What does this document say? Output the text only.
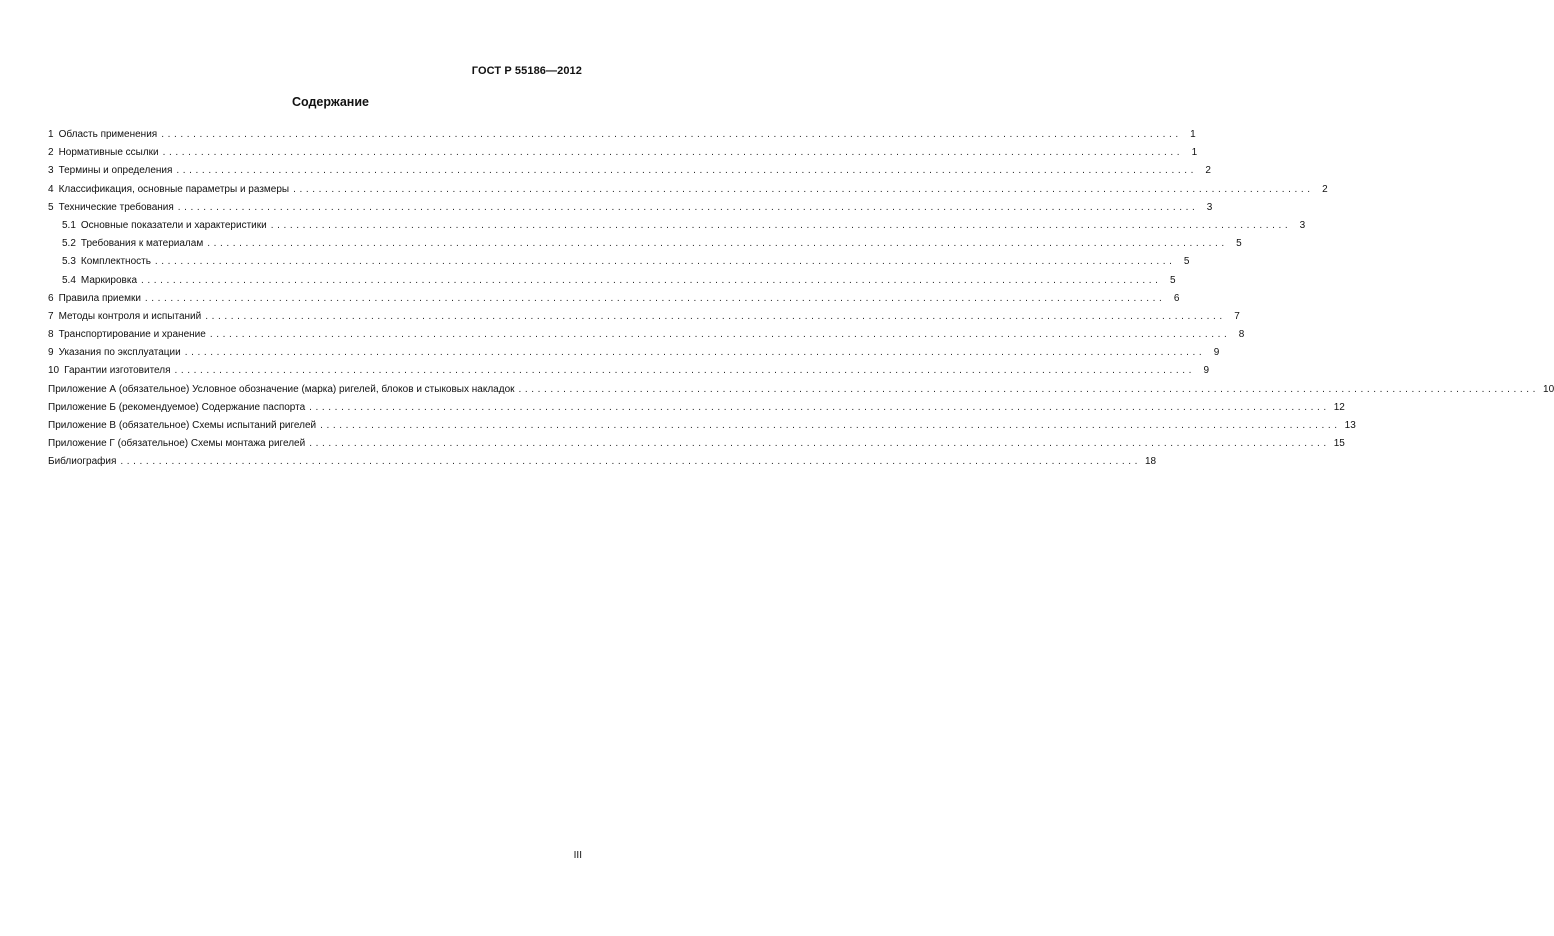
ГОСТ Р 55186—2012
Содержание
1 Область применения ................................................................................................................................................................ 1
2 Нормативные ссылки ................................................................................................................................................................ 1
3 Термины и определения ................................................................................................................................................................ 2
4 Классификация, основные параметры и размеры ................................................................................................................................................................ 2
5 Технические требования ................................................................................................................................................................ 3
5.1 Основные показатели и характеристики ................................................................................................................................................................ 3
5.2 Требования к материалам ................................................................................................................................................................ 5
5.3 Комплектность ................................................................................................................................................................ 5
5.4 Маркировка ................................................................................................................................................................ 5
6 Правила приемки ................................................................................................................................................................ 6
7 Методы контроля и испытаний ................................................................................................................................................................ 7
8 Транспортирование и хранение ................................................................................................................................................................ 8
9 Указания по эксплуатации ................................................................................................................................................................ 9
10 Гарантии изготовителя ................................................................................................................................................................ 9
Приложение А (обязательное) Условное обозначение (марка) ригелей, блоков и стыковых накладок ................................................................................................................................................................ 10
Приложение Б (рекомендуемое) Содержание паспорта ................................................................................................................................................................ 12
Приложение В (обязательное) Схемы испытаний ригелей ................................................................................................................................................................ 13
Приложение Г (обязательное) Схемы монтажа ригелей ................................................................................................................................................................ 15
Библиография ................................................................................................................................................................ 18
III
